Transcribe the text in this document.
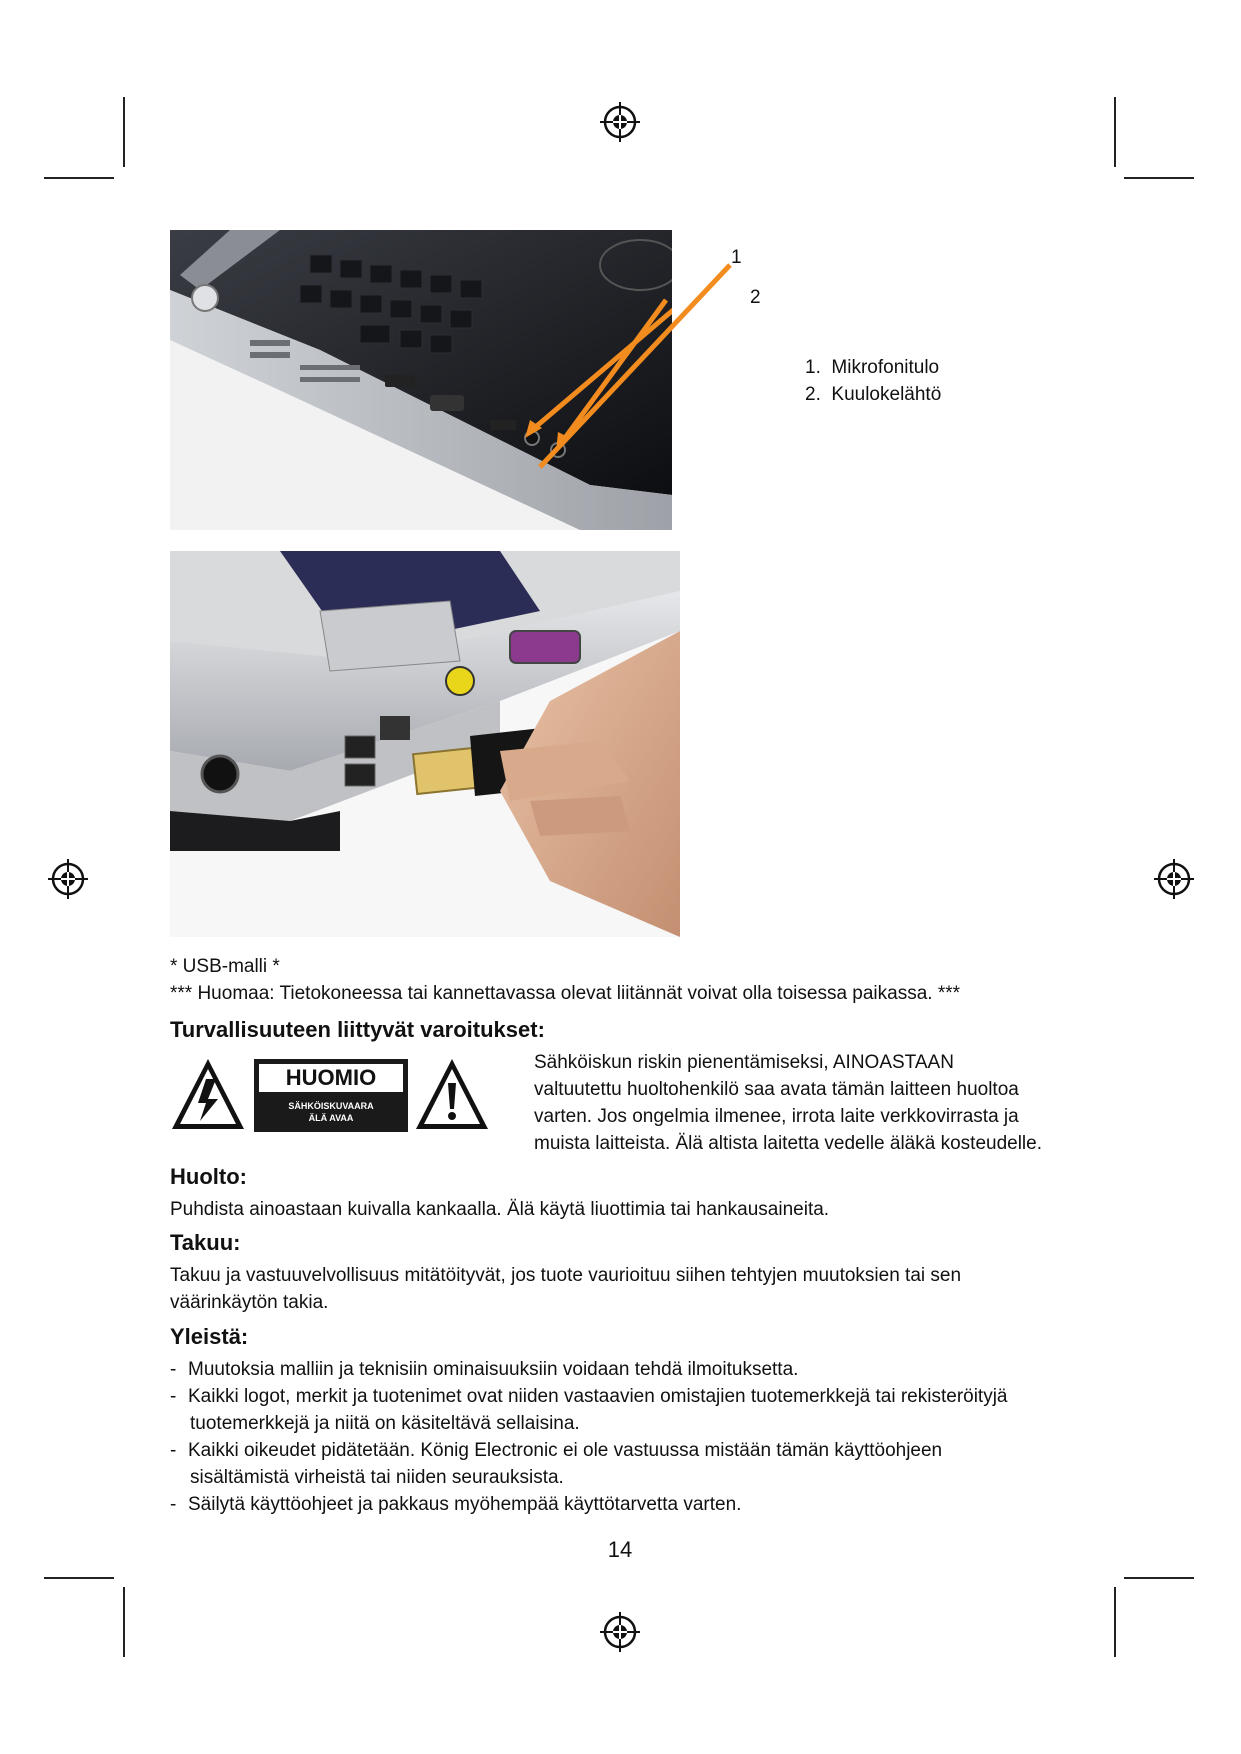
1
2
1.  Mikrofonitulo
2.  Kuulokelähtö
* USB-malli *
*** Huomaa: Tietokoneessa tai kannettavassa olevat liitännät voivat olla toisessa paikassa. ***
Turvallisuuteen liittyvät varoitukset:
HUOMIO
SÄHKÖISKUVAARA
ÄLÄ AVAA
Sähköiskun riskin pienentämiseksi, AINOASTAAN
valtuutettu huoltohenkilö saa avata tämän laitteen huoltoa
varten. Jos ongelmia ilmenee, irrota laite verkkovirrasta ja
muista laitteista. Älä altista laitetta vedelle äläkä kosteudelle.
Huolto:
Puhdista ainoastaan kuivalla kankaalla. Älä käytä liuottimia tai hankausaineita.
Takuu:
Takuu ja vastuuvelvollisuus mitätöityvät, jos tuote vaurioituu siihen tehtyjen muutoksien tai sen
väärinkäytön takia.
Yleistä:
- Muutoksia malliin ja teknisiin ominaisuuksiin voidaan tehdä ilmoituksetta.
- Kaikki logot, merkit ja tuotenimet ovat niiden vastaavien omistajien tuotemerkkejä tai rekisteröityjä
tuotemerkkejä ja niitä on käsiteltävä sellaisina.
- Kaikki oikeudet pidätetään. König Electronic ei ole vastuussa mistään tämän käyttöohjeen
sisältämistä virheistä tai niiden seurauksista.
- Säilytä käyttöohjeet ja pakkaus myöhempää käyttötarvetta varten.
14
